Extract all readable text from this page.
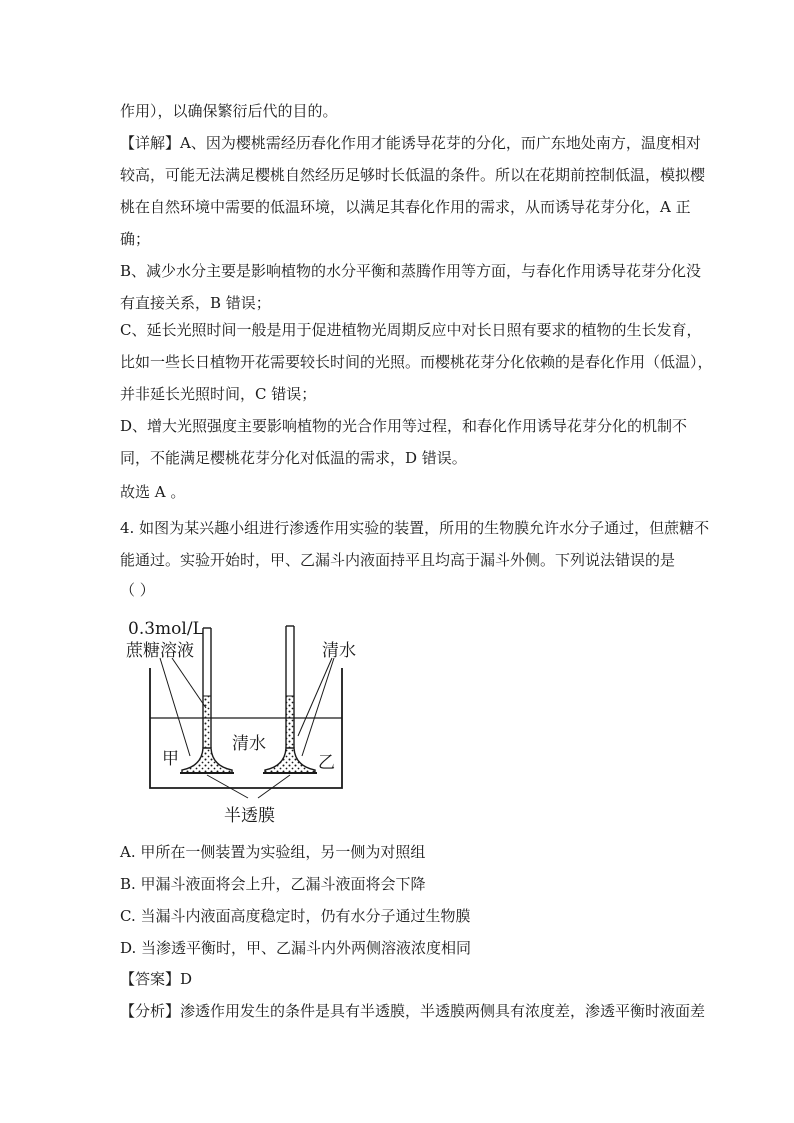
作用），以确保繁衍后代的目的。
【详解】A、因为樱桃需经历春化作用才能诱导花芽的分化，而广东地处南方，温度相对
较高，可能无法满足樱桃自然经历足够时长低温的条件。所以在花期前控制低温，模拟樱
桃在自然环境中需要的低温环境，以满足其春化作用的需求，从而诱导花芽分化，A 正
确；
B、减少水分主要是影响植物的水分平衡和蒸腾作用等方面，与春化作用诱导花芽分化没
有直接关系，B 错误；
C、延长光照时间一般是用于促进植物光周期反应中对长日照有要求的植物的生长发育，
比如一些长日植物开花需要较长时间的光照。而樱桃花芽分化依赖的是春化作用（低温），
并非延长光照时间，C 错误；
D、增大光照强度主要影响植物的光合作用等过程，和春化作用诱导花芽分化的机制不
同，不能满足樱桃花芽分化对低温的需求，D 错误。
故选 A 。
4. 如图为某兴趣小组进行渗透作用实验的装置，所用的生物膜允许水分子通过，但蔗糖不
能通过。实验开始时，甲、乙漏斗内液面持平且均高于漏斗外侧。下列说法错误的是
（ ）
0.3mol/L
蔗糖溶液	清水
清水
甲	乙
半透膜
A. 甲所在一侧装置为实验组，另一侧为对照组
B. 甲漏斗液面将会上升，乙漏斗液面将会下降
C. 当漏斗内液面高度稳定时，仍有水分子通过生物膜
D. 当渗透平衡时，甲、乙漏斗内外两侧溶液浓度相同
【答案】D
【分析】渗透作用发生的条件是具有半透膜，半透膜两侧具有浓度差，渗透平衡时液面差
